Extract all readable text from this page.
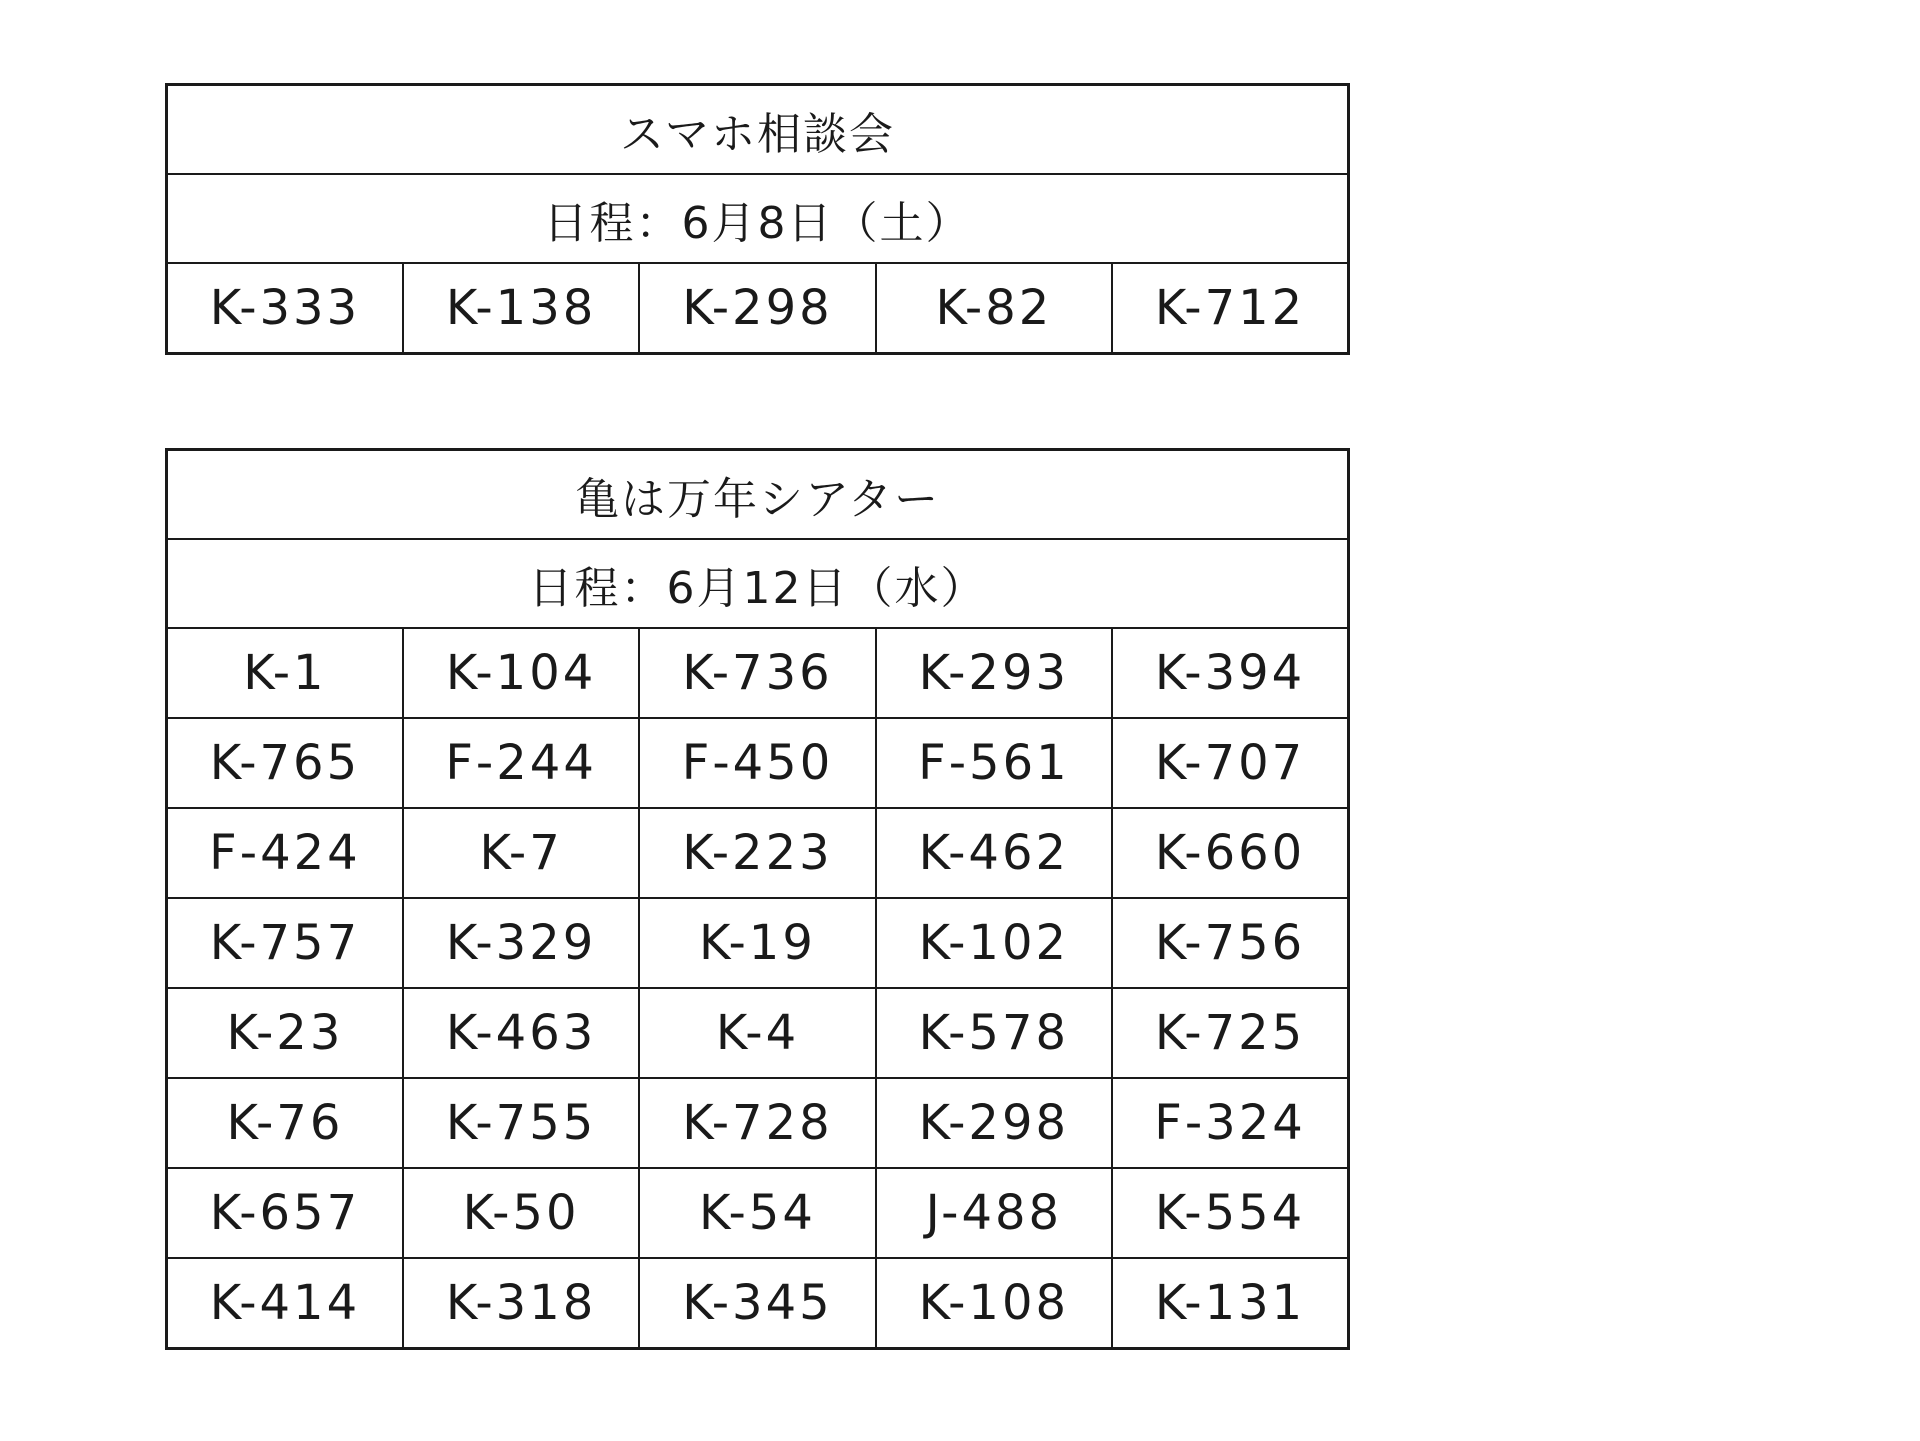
スマホ相談会
日程：6月8日（土）
K-333	K-138	K-298	K-82	K-712
亀は万年シアター				
日程：6月12日（水）				
K-1	K-104	K-736	K-293	K-394
K-765	F-244	F-450	F-561	K-707
F-424	K-7	K-223	K-462	K-660
K-757	K-329	K-19	K-102	K-756
K-23	K-463	K-4	K-578	K-725
K-76	K-755	K-728	K-298	F-324
K-657	K-50	K-54	J-488	K-554
K-414	K-318	K-345	K-108	K-131
